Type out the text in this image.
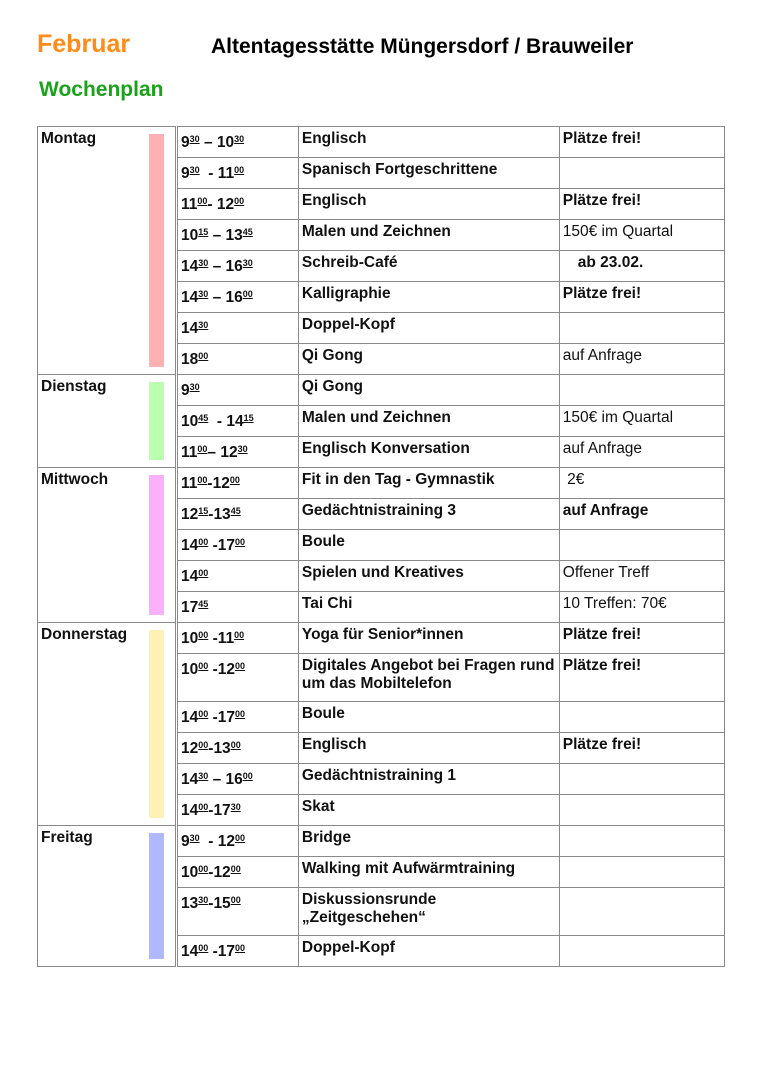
Februar	Altentagesstätte Müngersdorf / Brauweiler
Wochenplan
Montag	$9^{30} - 10^{30}$	Englisch	Plätze frei!
	$9^{30} - 11^{00}$	Spanisch Fortgeschrittene	
	$11^{00}-$ $12^{00}$	Englisch	Plätze frei!
	$10^{15} - 13^{45}$	Malen und Zeichnen	150€ im Quartal
	$14^{30} - 16^{30}$	Schreib-Café	ab 23.02.
	$14^{30} - 16^{00}$	Kalligraphie	Plätze frei!
	$14^{30}$	Doppel-Kopf	
	$18^{00}$	Qi Gong	auf Anfrage

Dienstag	$9^{30}$	Qi Gong	
	$10^{45} - 14^{15}$	Malen und Zeichnen	150€ im Quartal
	$11^{00}-$ $12^{30}$	Englisch Konversation	auf Anfrage

Mittwoch	$11^{00}-12^{00}$	Fit in den Tag - Gymnastik	2€
	$12^{15}-13^{45}$	Gedächtnistraining 3	auf Anfrage
	$14^{00}$ $-17^{00}$	Boule	
	$14^{00}$	Spielen und Kreatives	Offener Treff
	$17^{45}$	Tai Chi	10 Treffen: 70€

Donnerstag	$10^{00}$ $-11^{00}$	Yoga für Senior*innen	Plätze frei!
	$10^{00}$ $-12^{00}$	Digitales Angebot bei Fragen rund um das Mobiltelefon	Plätze frei!
	$14^{00}$ $-17^{00}$	Boule	
	$12^{00}-13^{00}$	Englisch	Plätze frei!
	$14^{30} - 16^{00}$	Gedächtnistraining 1	
	$14^{00}-17^{30}$	Skat	

Freitag	$9^{30} - 12^{00}$	Bridge	
	$10^{00}-12^{00}$	Walking mit Aufwärmtraining	
	$13^{30}-15^{00}$	Diskussionsrunde „Zeitgeschehen“	
	$14^{00}$ $-17^{00}$	Doppel-Kopf	
